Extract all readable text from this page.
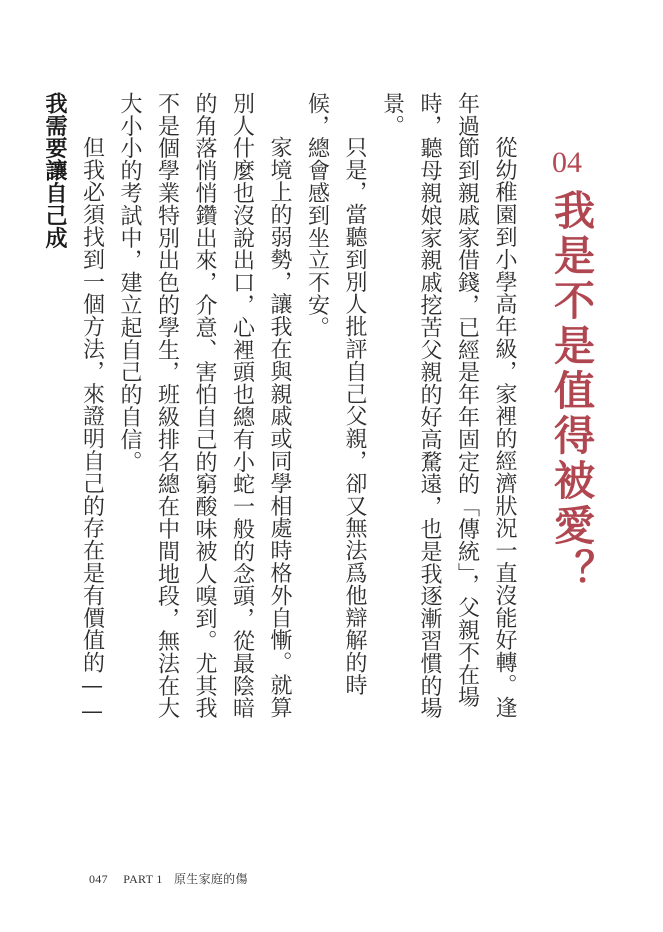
04
我是不是值得被愛？

從幼稚園到小學高年級，家裡的經濟狀況一直沒能好轉。逢年過節到親戚家借錢，已經是年年固定的「傳統」，父親不在場時，聽母親娘家親戚挖苦父親的好高騖遠，也是我逐漸習慣的場景。

只是，當聽到別人批評自己父親，卻又無法爲他辯解的時候，總會感到坐立不安。

家境上的弱勢，讓我在與親戚或同學相處時格外自慚。就算別人什麼也沒說出口，心裡頭也總有小蛇一般的念頭，從最陰暗的角落悄悄鑽出來，介意、害怕自己的窮酸味被人嗅到。尤其我不是個學業特別出色的學生，班級排名總在中間地段，無法在大大小小的考試中，建立起自己的自信。

但我必須找到一個方法，來證明自己的存在是有價值的——我需要讓自己成

047 PART 1 原生家庭的傷
